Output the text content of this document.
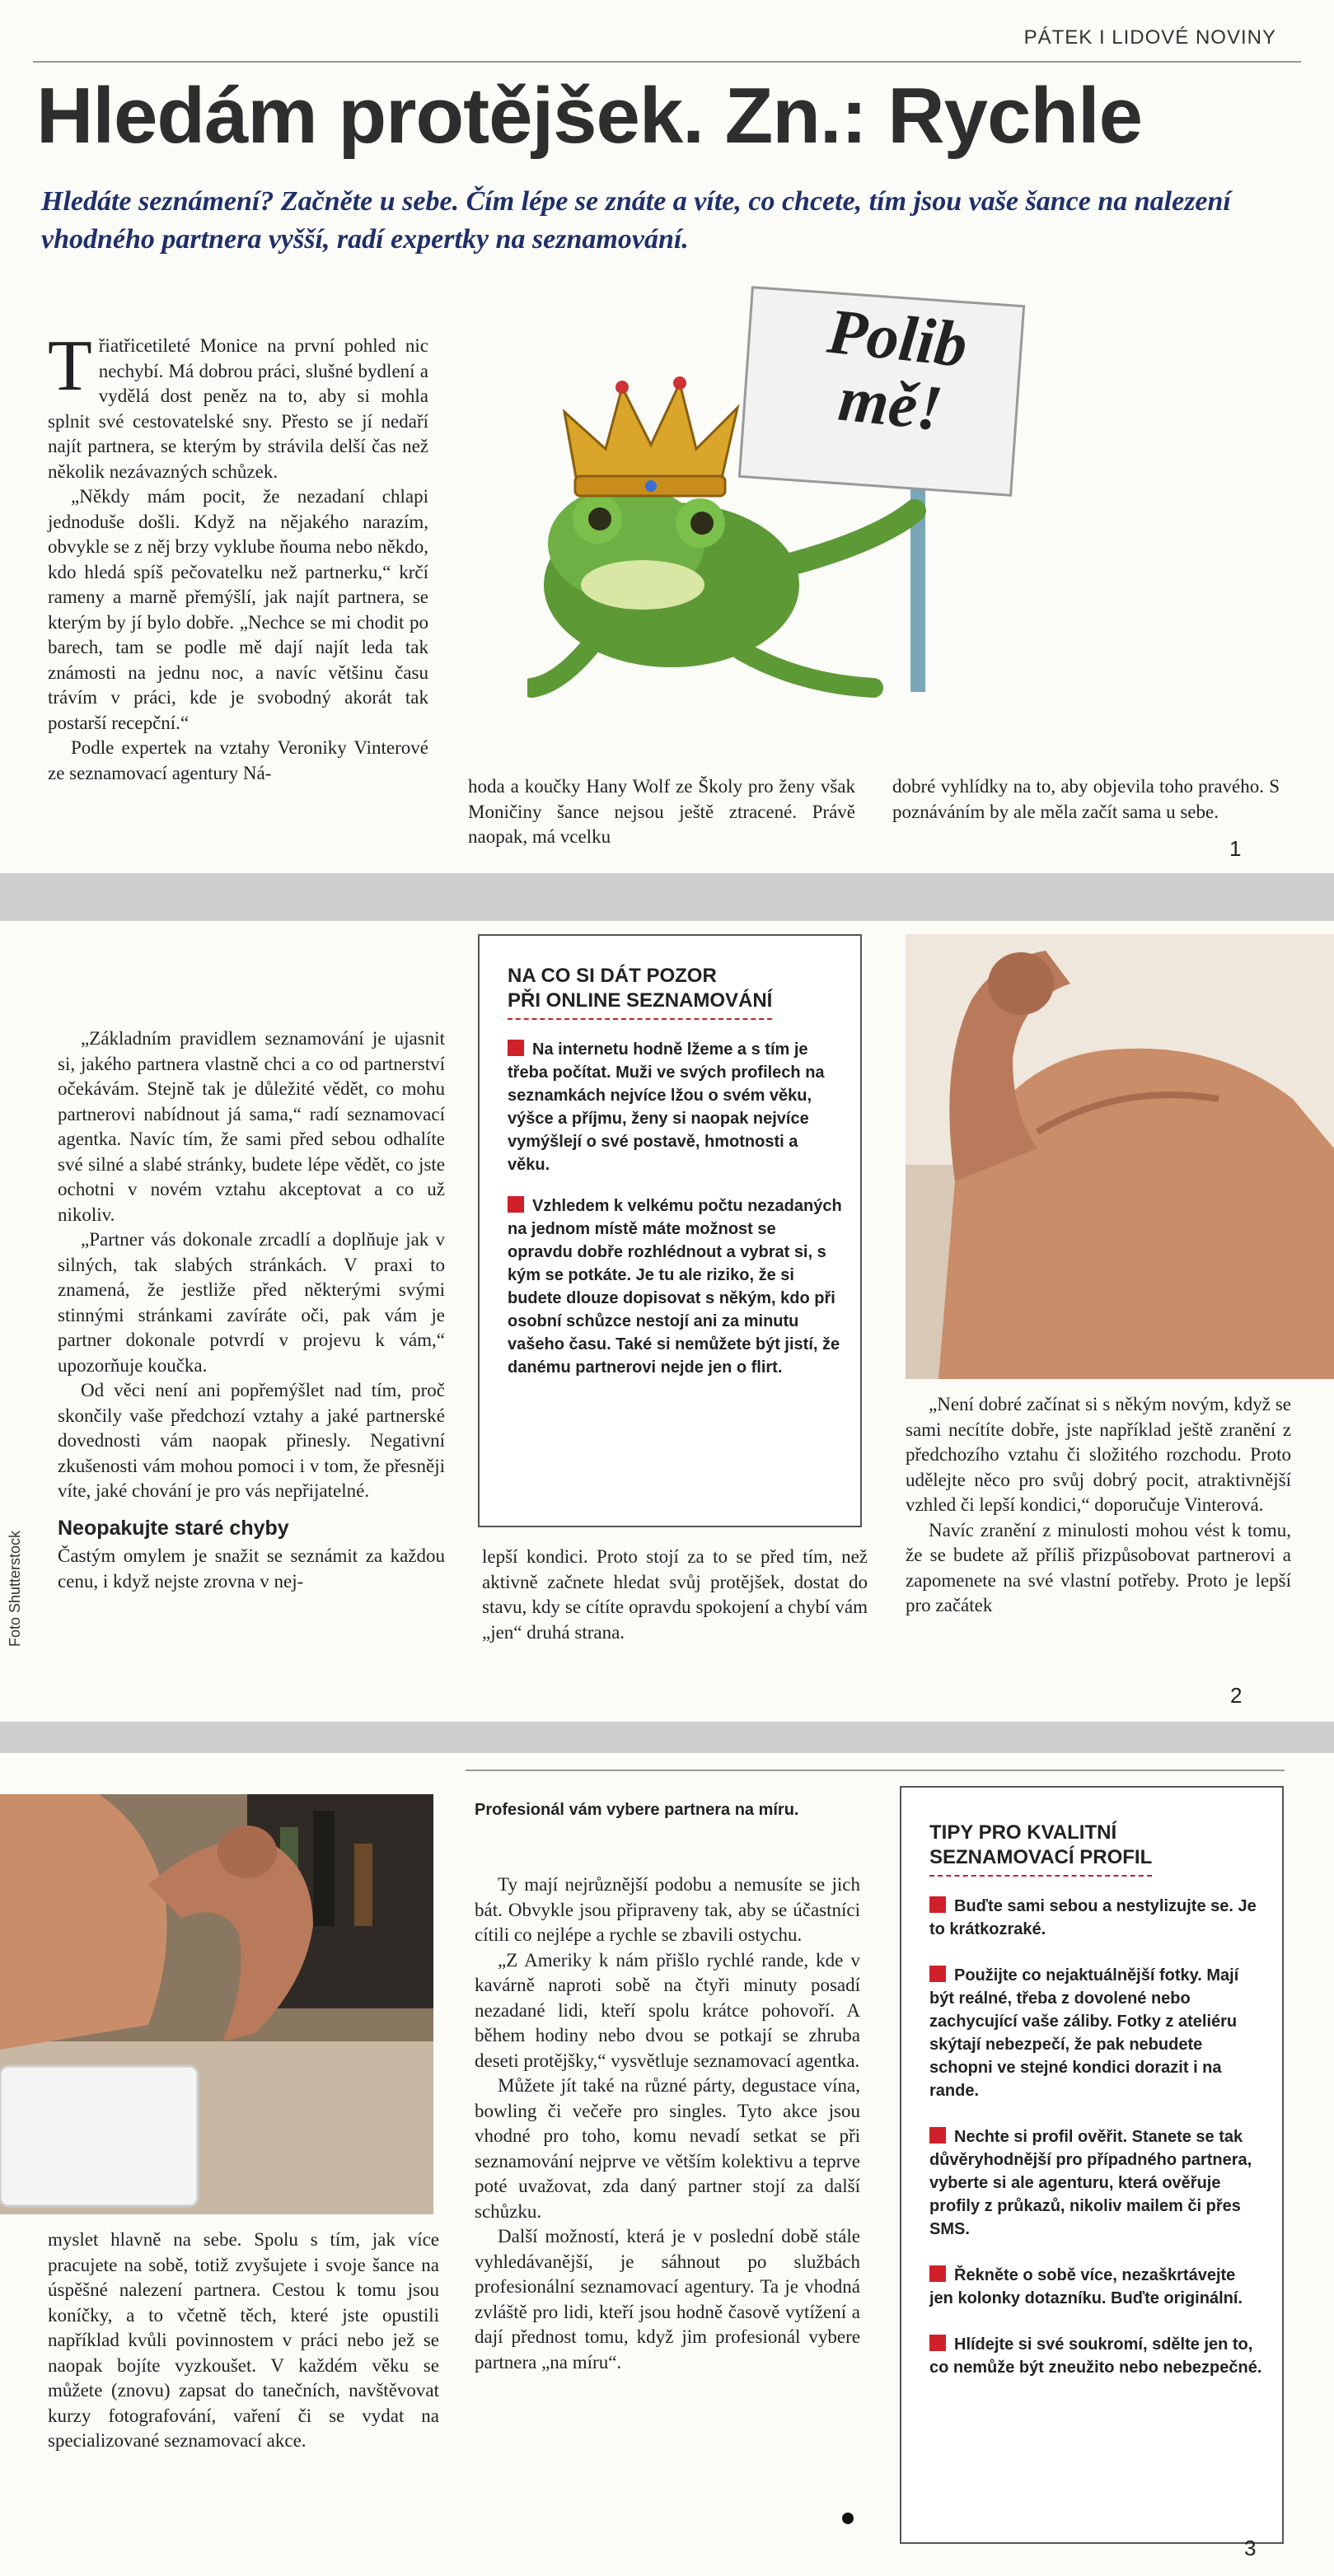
PÁTEK I LIDOVÉ NOVINY
Hledám protějšek. Zn.: Rychle

Hledáte seznámení? Začněte u sebe. Čím lépe se znáte a víte, co chcete, tím jsou vaše šance na nalezení vhodného partnera vyšší, radí expertky na seznamování.

Polib mě!

Třiatřicetileté Monice na první pohled nic nechybí. Má dobrou práci, slušné bydlení a vydělá dost peněz na to, aby si mohla splnit své cestovatelské sny. Přesto se jí nedaří najít partnera, se kterým by strávila delší čas než několik nezávazných schůzek.

„Někdy mám pocit, že nezadaní chlapi jednoduše došli. Když na nějakého narazím, obvykle se z něj brzy vyklube ňouma nebo někdo, kdo hledá spíš pečovatelku než partnerku,“ krčí rameny a marně přemýšlí, jak najít partnera, se kterým by jí bylo dobře. „Nechce se mi chodit po barech, tam se podle mě dají najít leda tak známosti na jednu noc, a navíc většinu času trávím v práci, kde je svobodný akorát tak postarší recepční.“

Podle expertek na vztahy Veroniky Vinterové ze seznamovací agentury Ná-

hoda a koučky Hany Wolf ze Školy pro ženy však Moničiny šance nejsou ještě ztracené. Právě naopak, má vcelku

dobré vyhlídky na to, aby objevila toho pravého. S poznáváním by ale měla začít sama u sebe.

1

„Základním pravidlem seznamování je ujasnit si, jakého partnera vlastně chci a co od partnerství očekávám. Stejně tak je důležité vědět, co mohu partnerovi nabídnout já sama,“ radí seznamovací agentka. Navíc tím, že sami před sebou odhalíte své silné a slabé stránky, budete lépe vědět, co jste ochotni v novém vztahu akceptovat a co už nikoliv.

„Partner vás dokonale zrcadlí a doplňuje jak v silných, tak slabých stránkách. V praxi to znamená, že jestliže před některými svými stinnými stránkami zavíráte oči, pak vám je partner dokonale potvrdí v projevu k vám,“ upozorňuje koučka.

Od věci není ani popřemýšlet nad tím, proč skončily vaše předchozí vztahy a jaké partnerské dovednosti vám naopak přinesly. Negativní zkušenosti vám mohou pomoci i v tom, že přesněji víte, jaké chování je pro vás nepřijatelné.

Neopakujte staré chyby

Častým omylem je snažit se seznámit za každou cenu, i když nejste zrovna v nej-

Foto Shutterstock
NA CO SI DÁT POZOR
PŘI ONLINE SEZNAMOVÁNÍ
Na internetu hodně lžeme a s tím je třeba počítat. Muži ve svých profilech na seznamkách nejvíce lžou o svém věku, výšce a příjmu, ženy si naopak nejvíce vymýšlejí o své postavě, hmotnosti a věku.
Vzhledem k velkému počtu nezadaných na jednom místě máte možnost se opravdu dobře rozhlédnout a vybrat si, s kým se potkáte. Je tu ale riziko, že si budete dlouze dopisovat s někým, kdo při osobní schůzce nestojí ani za minutu vašeho času. Také si nemůžete být jistí, že danému partnerovi nejde jen o flirt.

lepší kondici. Proto stojí za to se před tím, než aktivně začnete hledat svůj protějšek, dostat do stavu, kdy se cítíte opravdu spokojení a chybí vám „jen“ druhá strana.

„Není dobré začínat si s někým novým, když se sami necítíte dobře, jste například ještě zranění z předchozího vztahu či složitého rozchodu. Proto udělejte něco pro svůj dobrý pocit, atraktivnější vzhled či lepší kondici,“ doporučuje Vinterová.

Navíc zranění z minulosti mohou vést k tomu, že se budete až příliš přizpůsobovat partnerovi a zapomenete na své vlastní potřeby. Proto je lepší pro začátek

2

myslet hlavně na sebe. Spolu s tím, jak více pracujete na sobě, totiž zvyšujete i svoje šance na úspěšné nalezení partnera. Cestou k tomu jsou koníčky, a to včetně těch, které jste opustili například kvůli povinnostem v práci nebo jež se naopak bojíte vyzkoušet. V každém věku se můžete (znovu) zapsat do tanečních, navštěvovat kurzy fotografování, vaření či se vydat na specializované seznamovací akce.

Profesionál vám vybere partnera na míru.

Ty mají nejrůznější podobu a nemusíte se jich bát. Obvykle jsou připraveny tak, aby se účastníci cítili co nejlépe a rychle se zbavili ostychu.

„Z Ameriky k nám přišlo rychlé rande, kde v kavárně naproti sobě na čtyři minuty posadí nezadané lidi, kteří spolu krátce pohovoří. A během hodiny nebo dvou se potkají se zhruba deseti protějšky,“ vysvětluje seznamovací agentka.

Můžete jít také na různé párty, degustace vína, bowling či večeře pro singles. Tyto akce jsou vhodné pro toho, komu nevadí setkat se při seznamování nejprve ve větším kolektivu a teprve poté uvažovat, zda daný partner stojí za další schůzku.

Další možností, která je v poslední době stále vyhledávanější, je sáhnout po službách profesionální seznamovací agentury. Ta je vhodná zvláště pro lidi, kteří jsou hodně časově vytížení a dají přednost tomu, když jim profesionál vybere partnera „na míru“.

TIPY PRO KVALITNÍ
SEZNAMOVACÍ PROFIL
Buďte sami sebou a nestylizujte se. Je to krátkozraké.
Použijte co nejaktuálnější fotky. Mají být reálné, třeba z dovolené nebo zachycující vaše záliby. Fotky z ateliéru skýtají nebezpečí, že pak nebudete schopni ve stejné kondici dorazit i na rande.
Nechte si profil ověřit. Stanete se tak důvěryhodnější pro případného partnera, vyberte si ale agenturu, která ověřuje profily z průkazů, nikoliv mailem či přes SMS.
Řekněte o sobě více, nezaškrtávejte jen kolonky dotazníku. Buďte originální.
Hlídejte si své soukromí, sdělte jen to, co nemůže být zneužito nebo nebezpečné.
3
